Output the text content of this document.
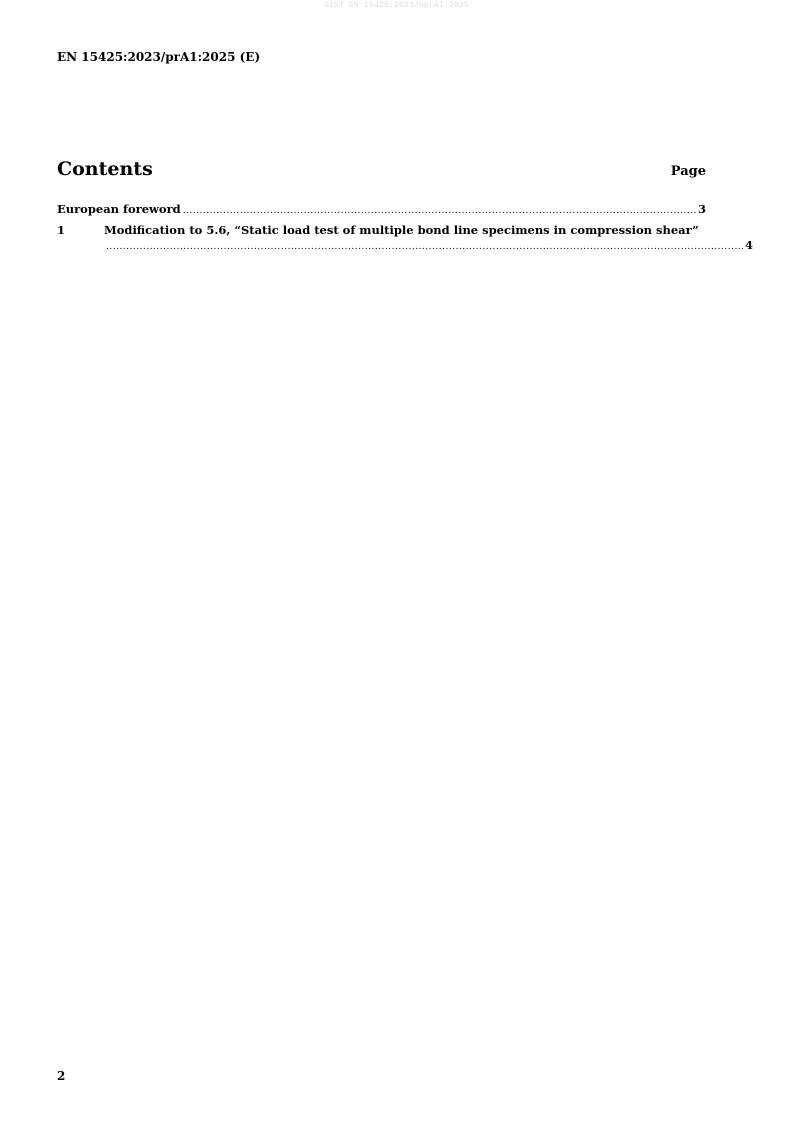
SIST EN 15425:2023/oprA1:2025
EN 15425:2023/prA1:2025 (E)
Contents	Page
European foreword
.....	3
1	Modification to 5.6, “Static load test of multiple bond line specimens in compression shear”
.....
4
2
